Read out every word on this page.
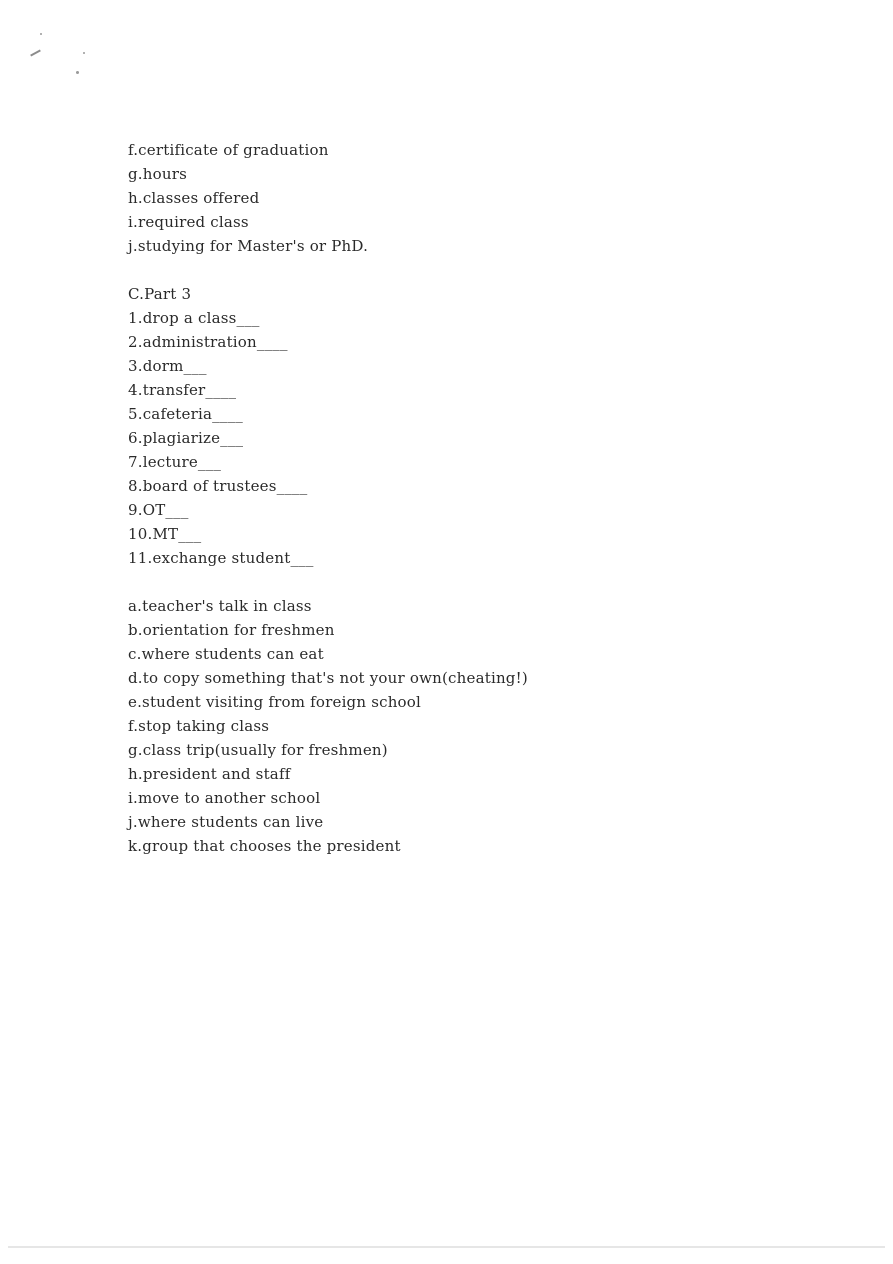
f.certificate of graduation
g.hours
h.classes offered
i.required class
j.studying for Master's or PhD.
C.Part 3
1.drop a class___
2.administration____
3.dorm___
4.transfer____
5.cafeteria____
6.plagiarize___
7.lecture___
8.board of trustees____
9.OT___
10.MT___
11.exchange student___
a.teacher's talk in class
b.orientation for freshmen
c.where students can eat
d.to copy something that's not your own(cheating!)
e.student visiting from foreign school
f.stop taking class
g.class trip(usually for freshmen)
h.president and staff
i.move to another school
j.where students can live
k.group that chooses the president
